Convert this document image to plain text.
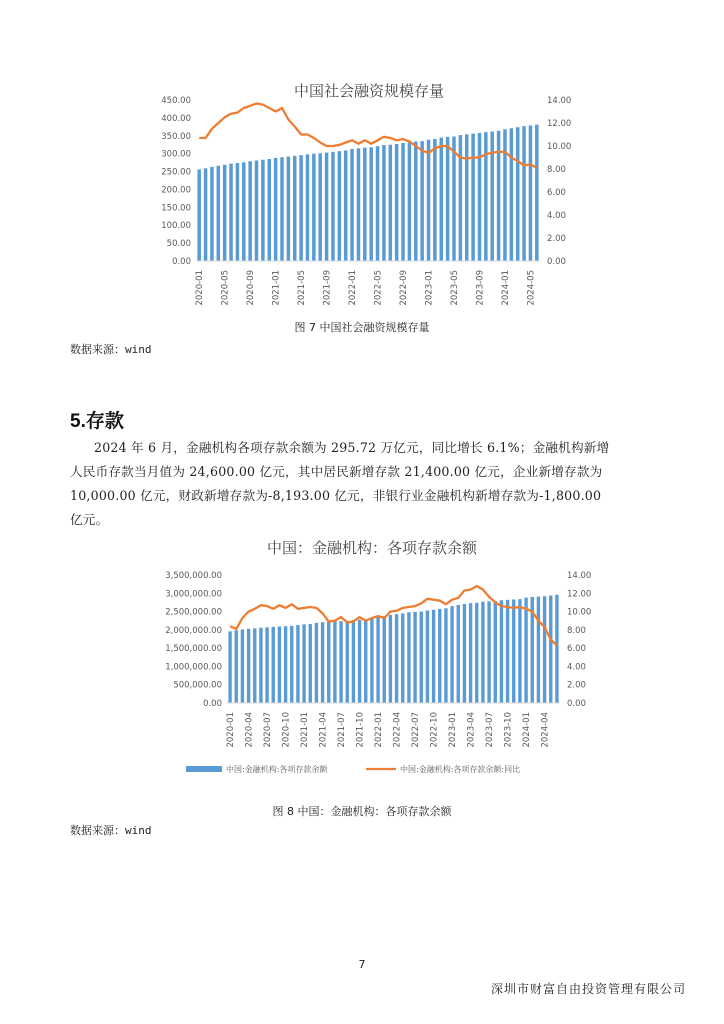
中国社会融资规模存量
0.00
50.00
100.00
150.00
200.00
250.00
300.00
350.00
400.00
450.00
0.00
2.00
4.00
6.00
8.00
10.00
12.00
14.00
2020-01 2020-05 2020-09 2021-01 2021-05 2021-09 2022-01 2022-05 2022-09 2023-01 2023-05 2023-09 2024-01 2024-05
图 7 中国社会融资规模存量
数据来源：wind
5.存款
2024 年 6 月，金融机构各项存款余额为 295.72 万亿元，同比增长 6.1%；金融机构新增
人民币存款当月值为 24,600.00 亿元，其中居民新增存款 21,400.00 亿元，企业新增存款为
10,000.00 亿元，财政新增存款为-8,193.00 亿元，非银行业金融机构新增存款为-1,800.00
亿元。
中国：金融机构：各项存款余额
0.00
500,000.00
1,000,000.00
1,500,000.00
2,000,000.00
2,500,000.00
3,000,000.00
3,500,000.00
0.00
2.00
4.00
6.00
8.00
10.00
12.00
14.00
2020-01 2020-04 2020-07 2020-10 2021-01 2021-04 2021-07 2021-10 2022-01 2022-04 2022-07 2022-10 2023-01 2023-04 2023-07 2023-10 2024-01 2024-04
中国:金融机构:各项存款余额	中国:金融机构:各项存款余额:同比
图 8 中国：金融机构：各项存款余额
数据来源：wind
7
深圳市财富自由投资管理有限公司
